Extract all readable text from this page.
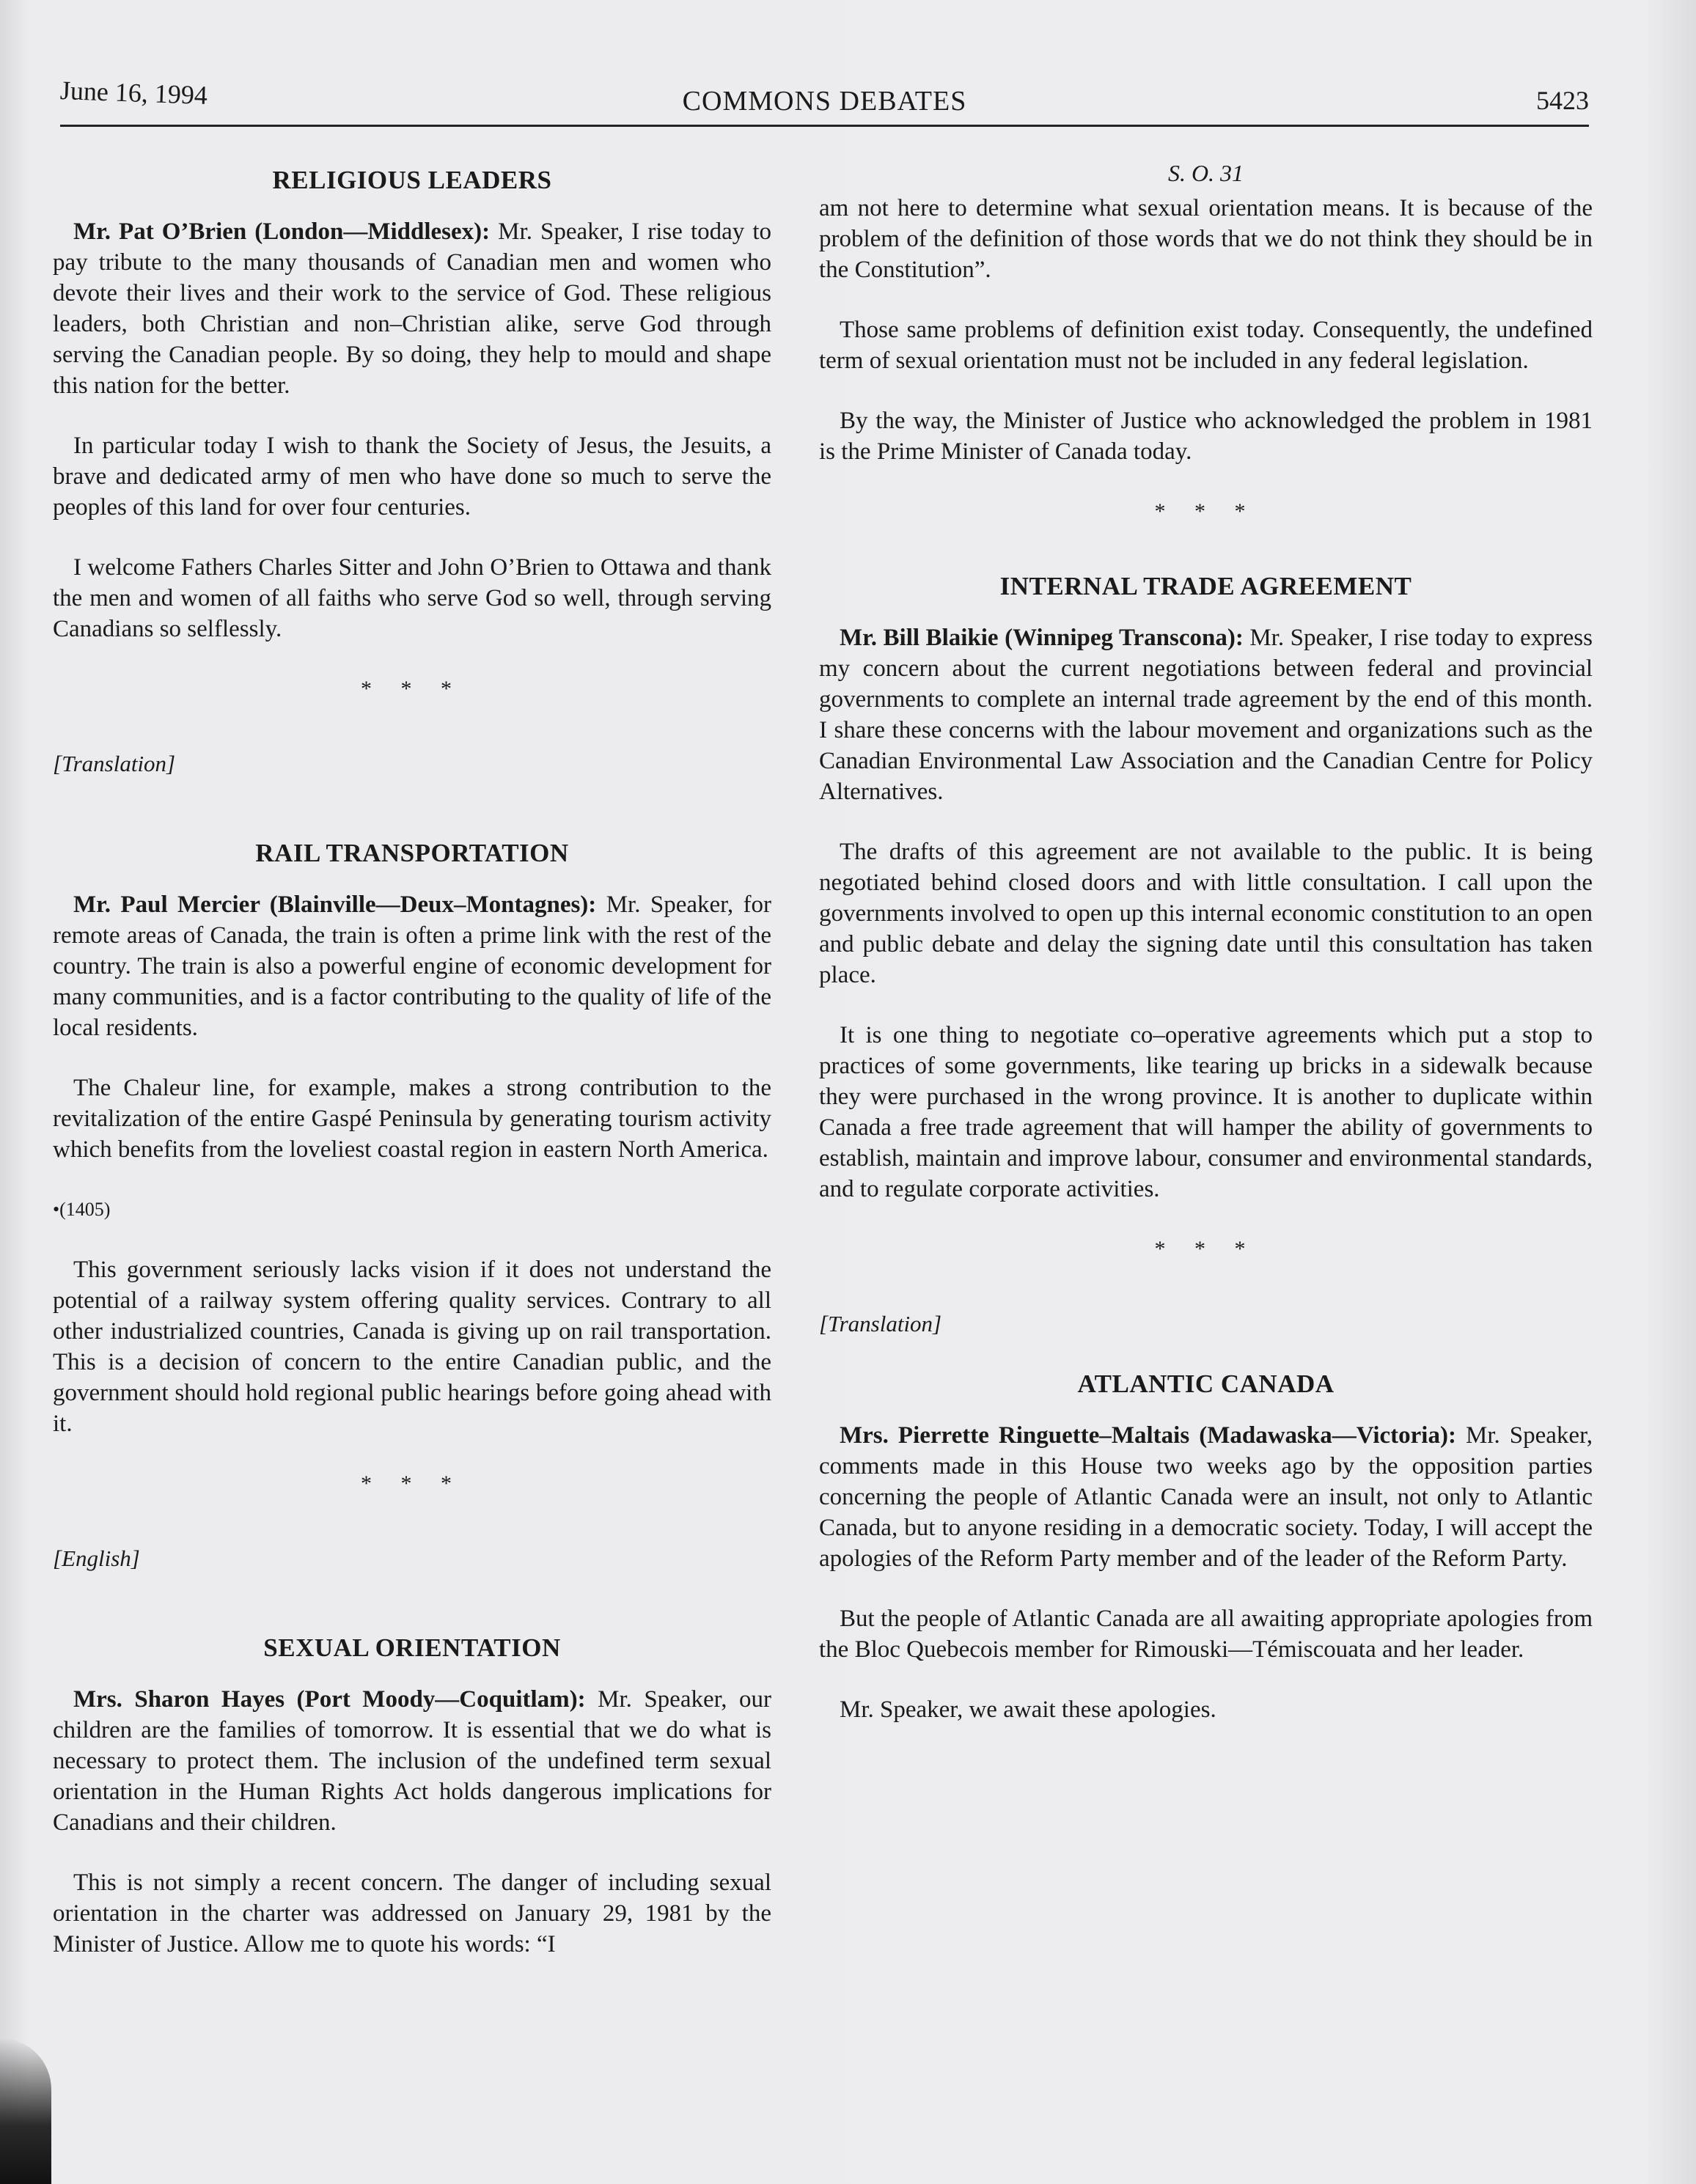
June 16, 1994	COMMONS DEBATES	5423
RELIGIOUS LEADERS

Mr. Pat O’Brien (London—Middlesex): Mr. Speaker, I rise today to pay tribute to the many thousands of Canadian men and women who devote their lives and their work to the service of God. These religious leaders, both Christian and non–Christian alike, serve God through serving the Canadian people. By so doing, they help to mould and shape this nation for the better.

In particular today I wish to thank the Society of Jesus, the Jesuits, a brave and dedicated army of men who have done so much to serve the peoples of this land for over four centuries.

I welcome Fathers Charles Sitter and John O’Brien to Ottawa and thank the men and women of all faiths who serve God so well, through serving Canadians so selflessly.

* * *
[Translation]
RAIL TRANSPORTATION

Mr. Paul Mercier (Blainville—Deux–Montagnes): Mr. Speaker, for remote areas of Canada, the train is often a prime link with the rest of the country. The train is also a powerful engine of economic development for many communities, and is a factor contributing to the quality of life of the local residents.

The Chaleur line, for example, makes a strong contribution to the revitalization of the entire Gaspé Peninsula by generating tourism activity which benefits from the loveliest coastal region in eastern North America.

•(1405)

This government seriously lacks vision if it does not understand the potential of a railway system offering quality services. Contrary to all other industrialized countries, Canada is giving up on rail transportation. This is a decision of concern to the entire Canadian public, and the government should hold regional public hearings before going ahead with it.

* * *
[English]
SEXUAL ORIENTATION

Mrs. Sharon Hayes (Port Moody—Coquitlam): Mr. Speaker, our children are the families of tomorrow. It is essential that we do what is necessary to protect them. The inclusion of the undefined term sexual orientation in the Human Rights Act holds dangerous implications for Canadians and their children.

This is not simply a recent concern. The danger of including sexual orientation in the charter was addressed on January 29, 1981 by the Minister of Justice. Allow me to quote his words: “I

S. O. 31

am not here to determine what sexual orientation means. It is because of the problem of the definition of those words that we do not think they should be in the Constitution”.

Those same problems of definition exist today. Consequently, the undefined term of sexual orientation must not be included in any federal legislation.

By the way, the Minister of Justice who acknowledged the problem in 1981 is the Prime Minister of Canada today.

* * *
INTERNAL TRADE AGREEMENT

Mr. Bill Blaikie (Winnipeg Transcona): Mr. Speaker, I rise today to express my concern about the current negotiations between federal and provincial governments to complete an internal trade agreement by the end of this month. I share these concerns with the labour movement and organizations such as the Canadian Environmental Law Association and the Canadian Centre for Policy Alternatives.

The drafts of this agreement are not available to the public. It is being negotiated behind closed doors and with little consultation. I call upon the governments involved to open up this internal economic constitution to an open and public debate and delay the signing date until this consultation has taken place.

It is one thing to negotiate co–operative agreements which put a stop to practices of some governments, like tearing up bricks in a sidewalk because they were purchased in the wrong province. It is another to duplicate within Canada a free trade agreement that will hamper the ability of governments to establish, maintain and improve labour, consumer and environmental standards, and to regulate corporate activities.

* * *
[Translation]
ATLANTIC CANADA

Mrs. Pierrette Ringuette–Maltais (Madawaska—Victoria): Mr. Speaker, comments made in this House two weeks ago by the opposition parties concerning the people of Atlantic Canada were an insult, not only to Atlantic Canada, but to anyone residing in a democratic society. Today, I will accept the apologies of the Reform Party member and of the leader of the Reform Party.

But the people of Atlantic Canada are all awaiting appropriate apologies from the Bloc Quebecois member for Rimouski—Témiscouata and her leader.

Mr. Speaker, we await these apologies.
